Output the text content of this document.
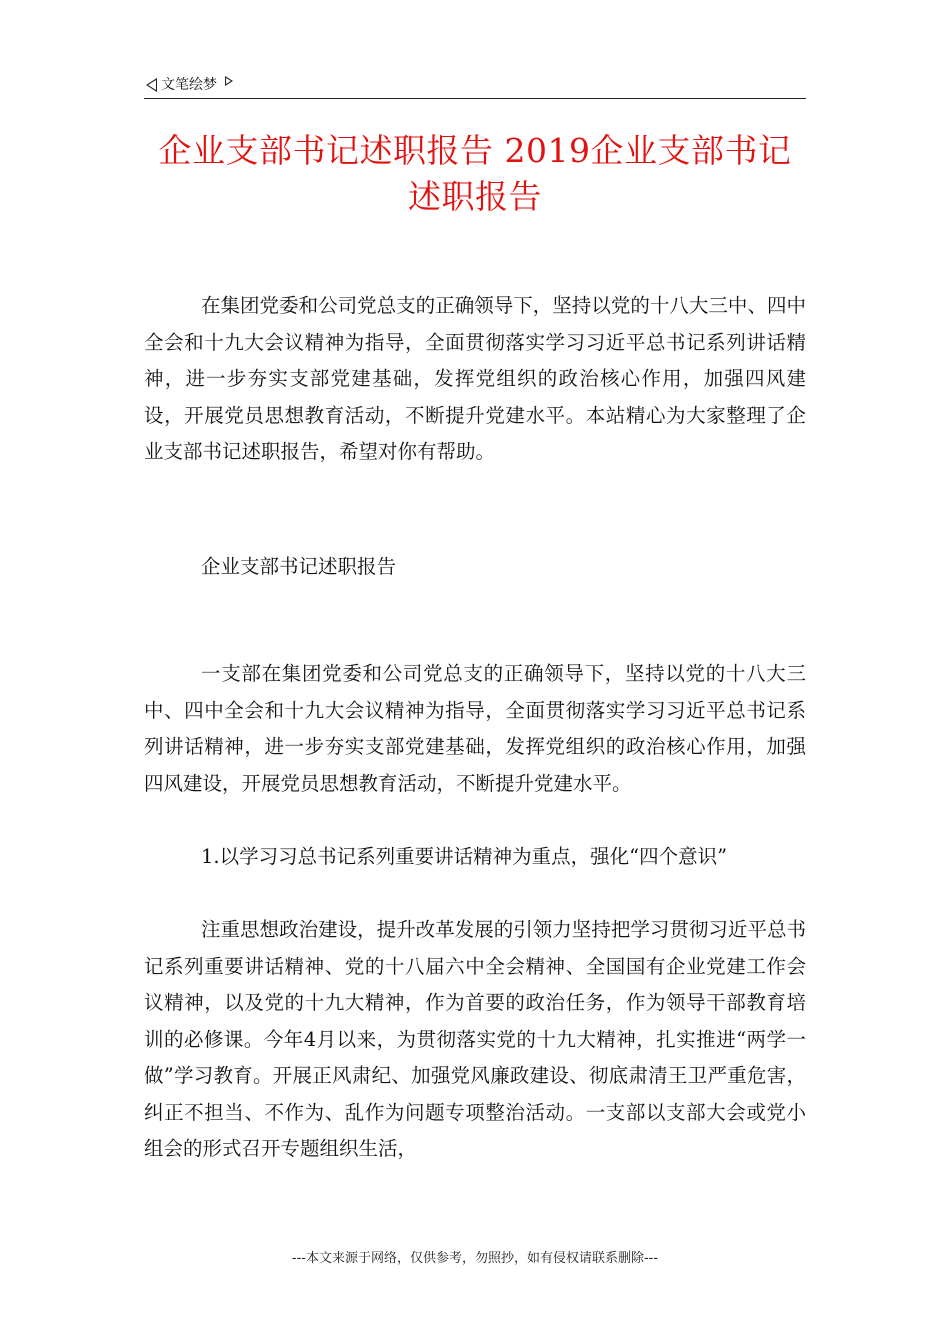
文笔绘梦
企业支部书记述职报告 2019企业支部书记述职报告

在集团党委和公司党总支的正确领导下，坚持以党的十八大三中、四中全会和十九大会议精神为指导，全面贯彻落实学习习近平总书记系列讲话精神，进一步夯实支部党建基础，发挥党组织的政治核心作用，加强四风建设，开展党员思想教育活动，不断提升党建水平。本站精心为大家整理了企业支部书记述职报告，希望对你有帮助。

企业支部书记述职报告

一支部在集团党委和公司党总支的正确领导下，坚持以党的十八大三中、四中全会和十九大会议精神为指导，全面贯彻落实学习习近平总书记系列讲话精神，进一步夯实支部党建基础，发挥党组织的政治核心作用，加强四风建设，开展党员思想教育活动，不断提升党建水平。

1.以学习习总书记系列重要讲话精神为重点，强化“四个意识”

注重思想政治建设，提升改革发展的引领力坚持把学习贯彻习近平总书记系列重要讲话精神、党的十八届六中全会精神、全国国有企业党建工作会议精神，以及党的十九大精神，作为首要的政治任务，作为领导干部教育培训的必修课。今年4月以来，为贯彻落实党的十九大精神，扎实推进“两学一做”学习教育。开展正风肃纪、加强党风廉政建设、彻底肃清王卫严重危害，纠正不担当、不作为、乱作为问题专项整治活动。一支部以支部大会或党小组会的形式召开专题组织生活，

---本文来源于网络，仅供参考，勿照抄，如有侵权请联系删除---
